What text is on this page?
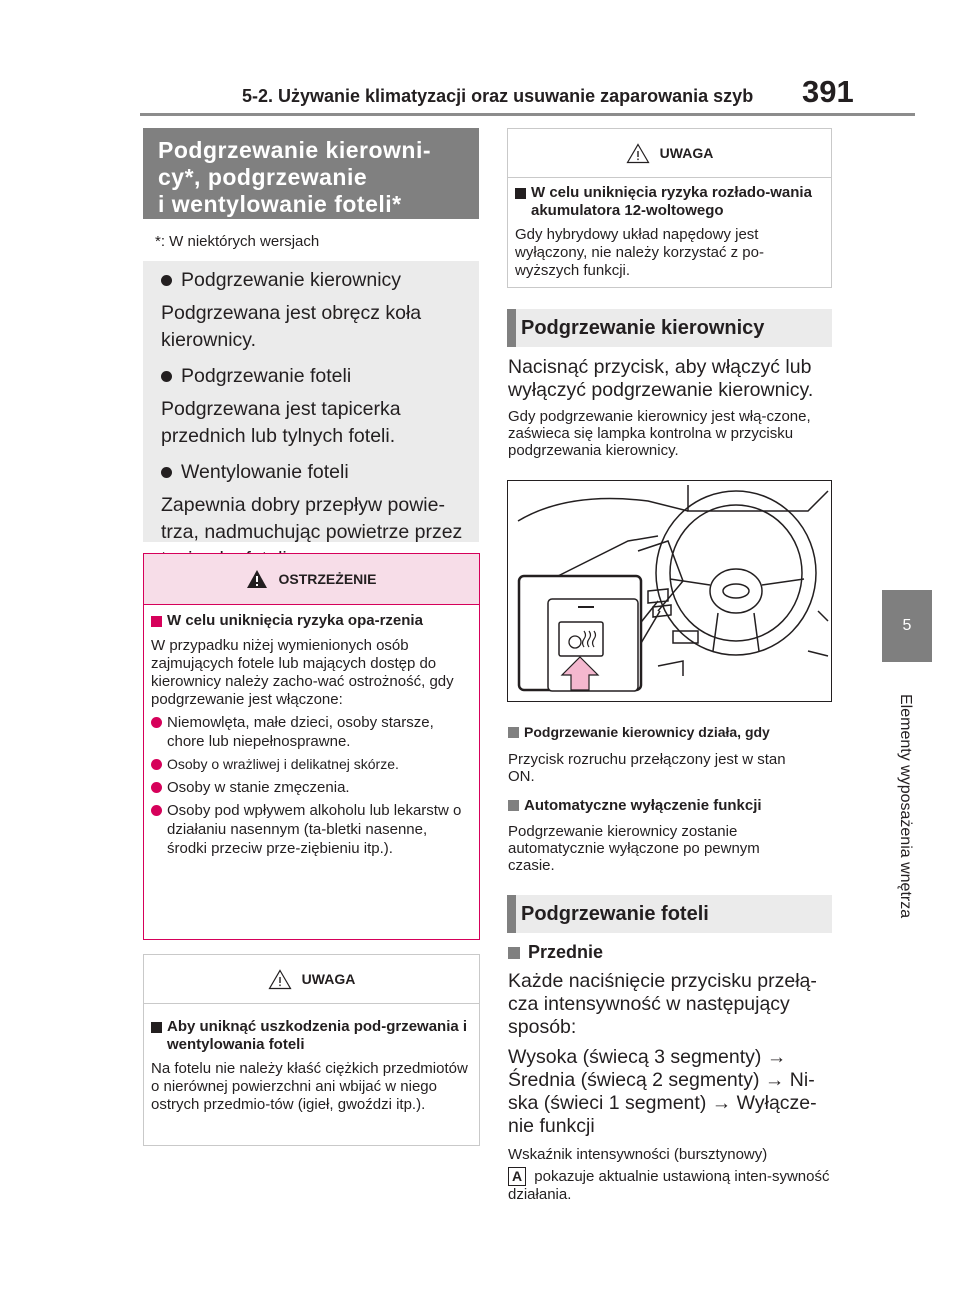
5-2. Używanie klimatyzacji oraz usuwanie zaparowania szyb 391
5
Elementy wyposażenia wnętrza
Podgrzewanie kierowni-
cy*, podgrzewanie
i wentylowanie foteli*
*: W niektórych wersjach
Podgrzewanie kierownicy
Podgrzewana jest obręcz koła kierownicy.
Podgrzewanie foteli
Podgrzewana jest tapicerka przednich lub tylnych foteli.
Wentylowanie foteli
Zapewnia dobry przepływ powie-trza, nadmuchując powietrze przez
OSTRZEŻENIE
W celu uniknięcia ryzyka opa-rzenia
W przypadku niżej wymienionych osób zajmujących fotele lub mających dostęp do kierownicy należy zacho-wać ostrożność, gdy podgrzewanie jest włączone:
Niemowlęta, małe dzieci, osoby starsze, chore lub niepełnosprawne.
Osoby o wrażliwej i delikatnej skórze.
Osoby w stanie zmęczenia.
Osoby pod wpływem alkoholu lub lekarstw o działaniu nasennym (ta-bletki nasenne, środki przeciw prze-ziębieniu itp.).
UWAGA
Aby uniknąć uszkodzenia pod-grzewania i wentylowania foteli
Na fotelu nie należy kłaść ciężkich przedmiotów o nierównej powierzchni ani wbijać w niego ostrych przedmio-tów (igieł, gwoździ itp.).
UWAGA
W celu uniknięcia ryzyka rozłado-wania akumulatora 12-woltowego
Gdy hybrydowy układ napędowy jest wyłączony, nie należy korzystać z po-wyższych funkcji.
Podgrzewanie kierownicy
Nacisnąć przycisk, aby włączyć lub wyłączyć podgrzewanie kierownicy.
Gdy podgrzewanie kierownicy jest włą-czone, zaświeca się lampka kontrolna w przycisku podgrzewania kierownicy.
Podgrzewanie kierownicy działa, gdy
Przycisk rozruchu przełączony jest w stan ON.
Automatyczne wyłączenie funkcji
Podgrzewanie kierownicy zostanie automatycznie wyłączone po pewnym czasie.
Podgrzewanie foteli
Przednie
Każde naciśnięcie przycisku przełą-cza intensywność w następujący sposób:
Wysoka (świecą 3 segmenty) → Średnia (świecą 2 segmenty) → Ni-ska (świeci 1 segment) → Wyłącze-nie funkcji
Wskaźnik intensywności (bursztynowy)
A pokazuje aktualnie ustawioną inten-sywność działania.
